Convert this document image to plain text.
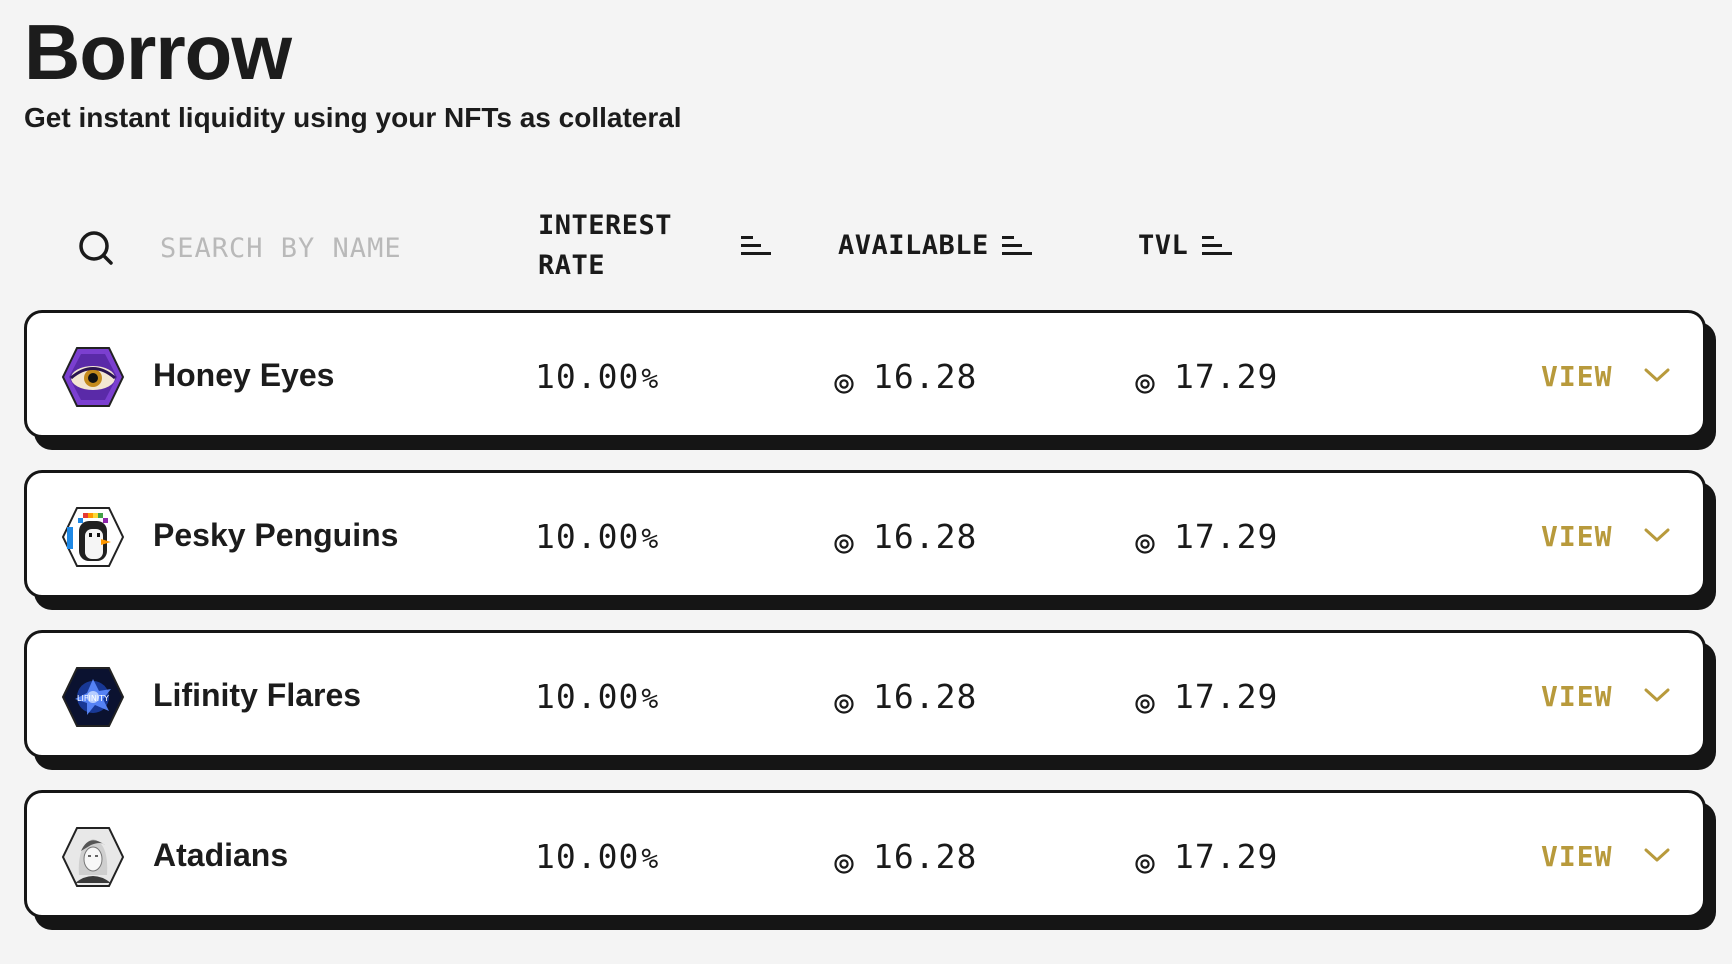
Borrow

Get instant liquidity using your NFTs as collateral

SEARCH BY NAME
INTEREST RATE
AVAILABLE	TVL
Honey Eyes	10.00%	16.28	17.29	VIEW
Pesky Penguins	10.00%	16.28	17.29	VIEW
LIFINITY Lifinity Flares	10.00%	16.28	17.29	VIEW
Atadians	10.00%	16.28	17.29	VIEW
